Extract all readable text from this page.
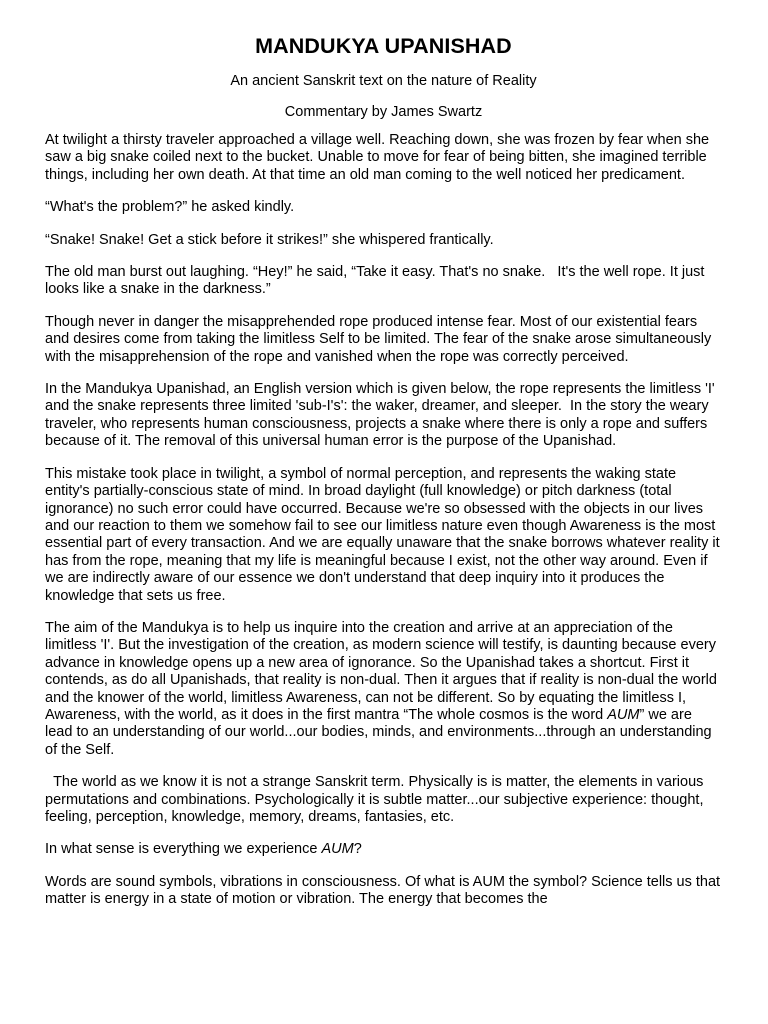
MANDUKYA UPANISHAD
An ancient Sanskrit text on the nature of Reality
Commentary by James Swartz

At twilight a thirsty traveler approached a village well. Reaching down, she was frozen by fear when she saw a big snake coiled next to the bucket. Unable to move for fear of being bitten, she imagined terrible things, including her own death. At that time an old man coming to the well noticed her predicament.

“What's the problem?” he asked kindly.

“Snake! Snake! Get a stick before it strikes!” she whispered frantically.

The old man burst out laughing. “Hey!” he said, “Take it easy. That's no snake.   It's the well rope. It just looks like a snake in the darkness.”

Though never in danger the misapprehended rope produced intense fear. Most of our existential fears and desires come from taking the limitless Self to be limited. The fear of the snake arose simultaneously with the misapprehension of the rope and vanished when the rope was correctly perceived.

In the Mandukya Upanishad, an English version which is given below, the rope represents the limitless 'I' and the snake represents three limited 'sub-I's': the waker, dreamer, and sleeper.  In the story the weary traveler, who represents human consciousness, projects a snake where there is only a rope and suffers because of it. The removal of this universal human error is the purpose of the Upanishad.

This mistake took place in twilight, a symbol of normal perception, and represents the waking state entity's partially-conscious state of mind. In broad daylight (full knowledge) or pitch darkness (total ignorance) no such error could have occurred. Because we're so obsessed with the objects in our lives and our reaction to them we somehow fail to see our limitless nature even though Awareness is the most essential part of every transaction. And we are equally unaware that the snake borrows whatever reality it has from the rope, meaning that my life is meaningful because I exist, not the other way around. Even if we are indirectly aware of our essence we don't understand that deep inquiry into it produces the knowledge that sets us free.

The aim of the Mandukya is to help us inquire into the creation and arrive at an appreciation of the limitless 'I'. But the investigation of the creation, as modern science will testify, is daunting because every advance in knowledge opens up a new area of ignorance. So the Upanishad takes a shortcut. First it contends, as do all Upanishads, that reality is non-dual. Then it argues that if reality is non-dual the world and the knower of the world, limitless Awareness, can not be different. So by equating the limitless I, Awareness, with the world, as it does in the first mantra “The whole cosmos is the word AUM” we are lead to an understanding of our world...our bodies, minds, and environments...through an understanding of the Self.

The world as we know it is not a strange Sanskrit term. Physically is is matter, the elements in various permutations and combinations. Psychologically it is subtle matter...our subjective experience: thought, feeling, perception, knowledge, memory, dreams, fantasies, etc.

In what sense is everything we experience AUM?

Words are sound symbols, vibrations in consciousness. Of what is AUM the symbol? Science tells us that matter is energy in a state of motion or vibration. The energy that becomes the
